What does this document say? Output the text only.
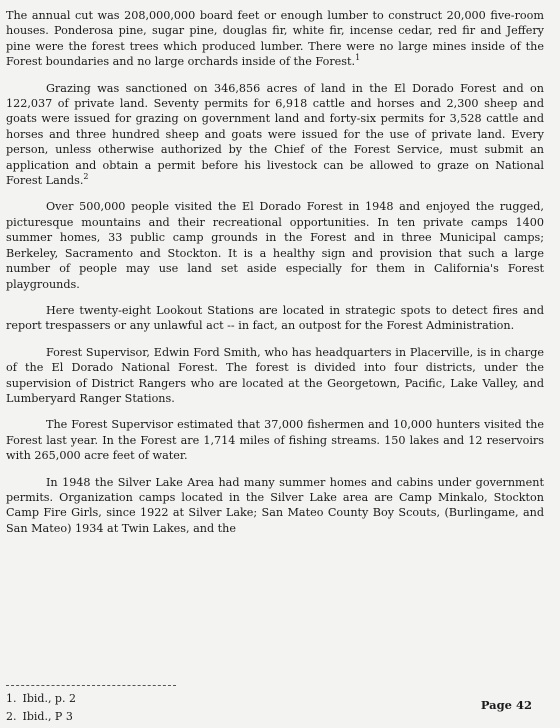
The annual cut was 208,000,000 board feet or enough lumber to construct 20,000 five-room houses. Ponderosa pine, sugar pine, douglas fir, white fir, incense cedar, red fir and Jeffery pine were the forest trees which produced lumber. There were no large mines inside of the Forest boundaries and no large orchards inside of the Forest.$^1$

Grazing was sanctioned on 346,856 acres of land in the El Dorado Forest and on 122,037 of private land. Seventy permits for 6,918 cattle and horses and 2,300 sheep and goats were issued for grazing on government land and forty-six permits for 3,528 cattle and horses and three hundred sheep and goats were issued for the use of private land. Every person, unless otherwise authorized by the Chief of the Forest Service, must submit an application and obtain a permit before his livestock can be allowed to graze on National Forest Lands.$^2$

Over 500,000 people visited the El Dorado Forest in 1948 and enjoyed the rugged, picturesque mountains and their recreational opportunities. In ten private camps 1400 summer homes, 33 public camp grounds in the Forest and in three Municipal camps; Berkeley, Sacramento and Stockton. It is a healthy sign and provision that such a large number of people may use land set aside especially for them in California's Forest playgrounds.

Here twenty-eight Lookout Stations are located in strategic spots to detect fires and report trespassers or any unlawful act -- in fact, an outpost for the Forest Administration.

Forest Supervisor, Edwin Ford Smith, who has headquarters in Placerville, is in charge of the El Dorado National Forest. The forest is divided into four districts, under the supervision of District Rangers who are located at the Georgetown, Pacific, Lake Valley, and Lumberyard Ranger Stations.

The Forest Supervisor estimated that 37,000 fishermen and 10,000 hunters visited the Forest last year. In the Forest are 1,714 miles of fishing streams. 150 lakes and 12 reservoirs with 265,000 acre feet of water.

In 1948 the Silver Lake Area had many summer homes and cabins under government permits. Organization camps located in the Silver Lake area are Camp Minkalo, Stockton Camp Fire Girls, since 1922 at Silver Lake; San Mateo County Boy Scouts, (Burlingame, and San Mateo) 1934 at Twin Lakes, and the

1. Ibid., p. 2

2. Ibid., P 3

Page 42
